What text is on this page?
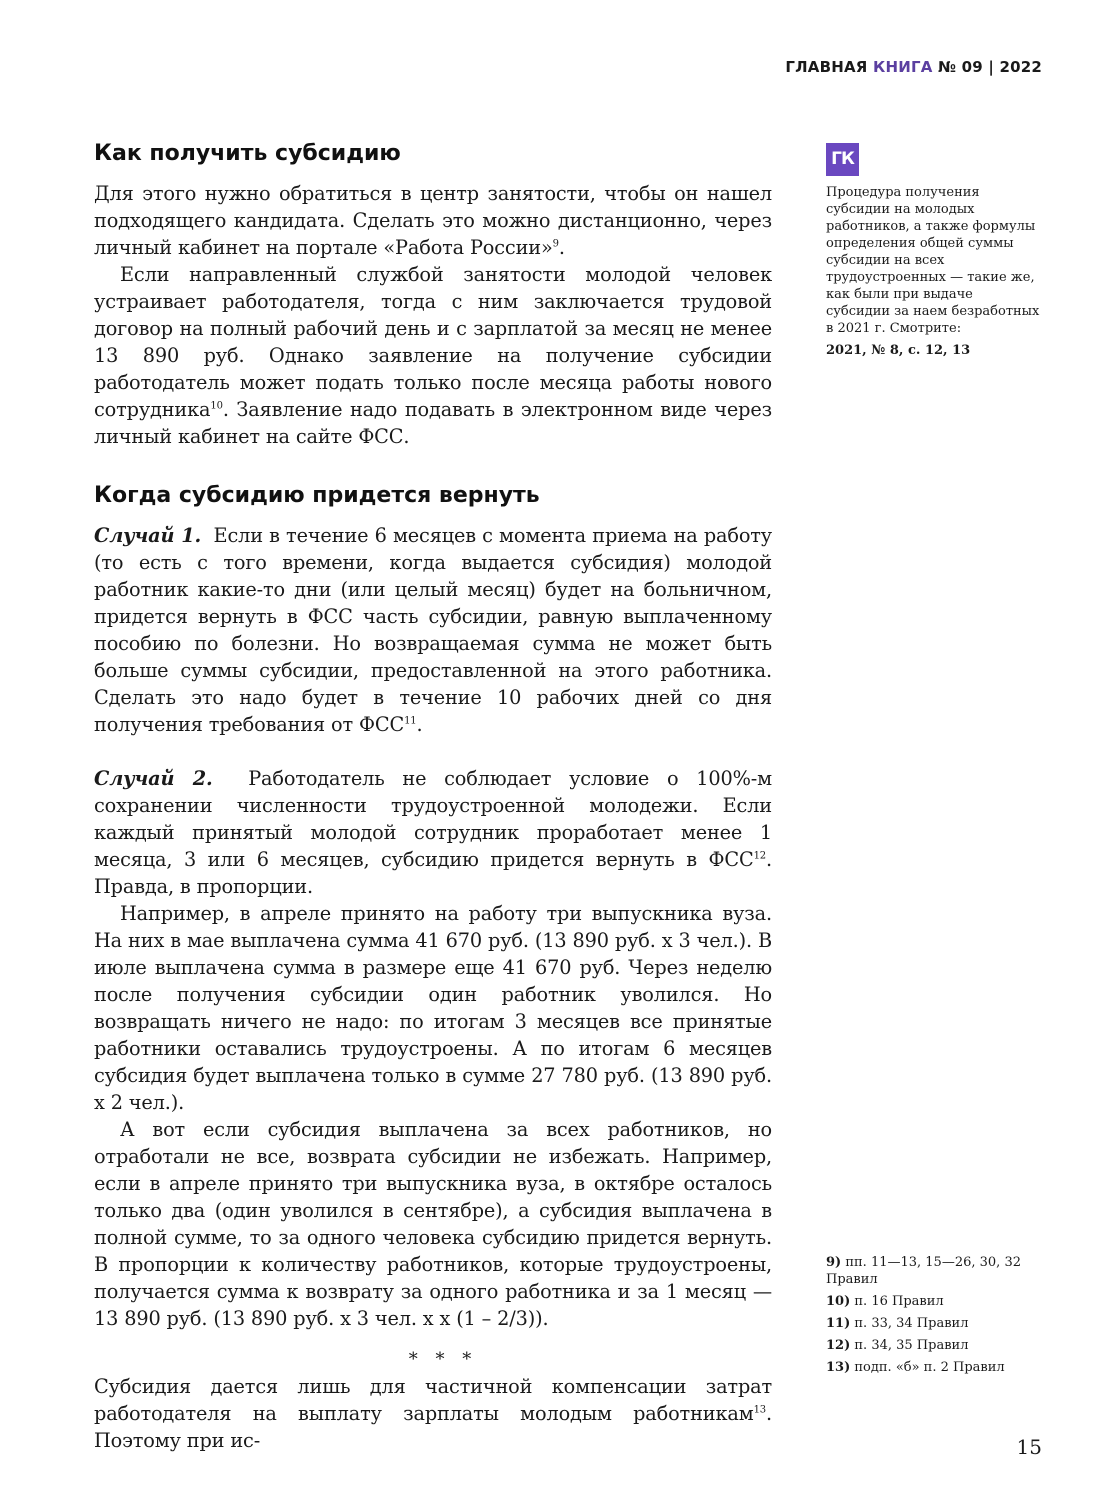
ГЛАВНАЯ КНИГА № 09 | 2022
Как получить субсидию

Для этого нужно обратиться в центр занятости, чтобы он нашел подходящего кандидата. Сделать это можно дистанционно, через личный кабинет на портале «Работа России»$^9$.

Если направленный службой занятости молодой человек устраивает работодателя, тогда с ним заключается трудовой договор на полный рабочий день и с зарплатой за месяц не менее 13 890 руб. Однако заявление на получение субсидии работодатель может подать только после месяца работы нового сотрудника$^{10}$. Заявление надо подавать в электронном виде через личный кабинет на сайте ФСС.

Когда субсидию придется вернуть

Случай 1. Если в течение 6 месяцев с момента приема на работу (то есть с того времени, когда выдается субсидия) молодой работник какие-то дни (или целый месяц) будет на больничном, придется вернуть в ФСС часть субсидии, равную выплаченному пособию по болезни. Но возвращаемая сумма не может быть больше суммы субсидии, предоставленной на этого работника. Сделать это надо будет в течение 10 рабочих дней со дня получения требования от ФСС$^{11}$.

Случай 2. Работодатель не соблюдает условие о 100%-м сохранении численности трудоустроенной молодежи. Если каждый принятый молодой сотрудник проработает менее 1 месяца, 3 или 6 месяцев, субсидию придется вернуть в ФСС$^{12}$. Правда, в пропорции.

Например, в апреле принято на работу три выпускника вуза. На них в мае выплачена сумма 41 670 руб. (13 890 руб. х 3 чел.). В июле выплачена сумма в размере еще 41 670 руб. Через неделю после получения субсидии один работник уволился. Но возвращать ничего не надо: по итогам 3 месяцев все принятые работники оставались трудоустроены. А по итогам 6 месяцев субсидия будет выплачена только в сумме 27 780 руб. (13 890 руб. х 2 чел.).

А вот если субсидия выплачена за всех работников, но отработали не все, возврата субсидии не избежать. Например, если в апреле принято три выпускника вуза, в октябре осталось только два (один уволился в сентябре), а субсидия выплачена в полной сумме, то за одного человека субсидию придется вернуть. В пропорции к количеству работников, которые трудоустроены, получается сумма к возврату за одного работника и за 1 месяц — 13 890 руб. (13 890 руб. х 3 чел. х х (1 – 2/3)).

* * *

Субсидия дается лишь для частичной компенсации затрат работодателя на выплату зарплаты молодым работникам$^{13}$. Поэтому при ис-

ГК
Процедура получения субсидии на молодых работников, а также формулы определения общей суммы субсидии на всех трудоустроенных — такие же, как были при выдаче субсидии за наем безработных в 2021 г. Смотрите:
2021, № 8, с. 12, 13
9) пп. 11—13, 15—26, 30, 32 Правил
10) п. 16 Правил
11) п. 33, 34 Правил
12) п. 34, 35 Правил
13) подп. «б» п. 2 Правил
15
